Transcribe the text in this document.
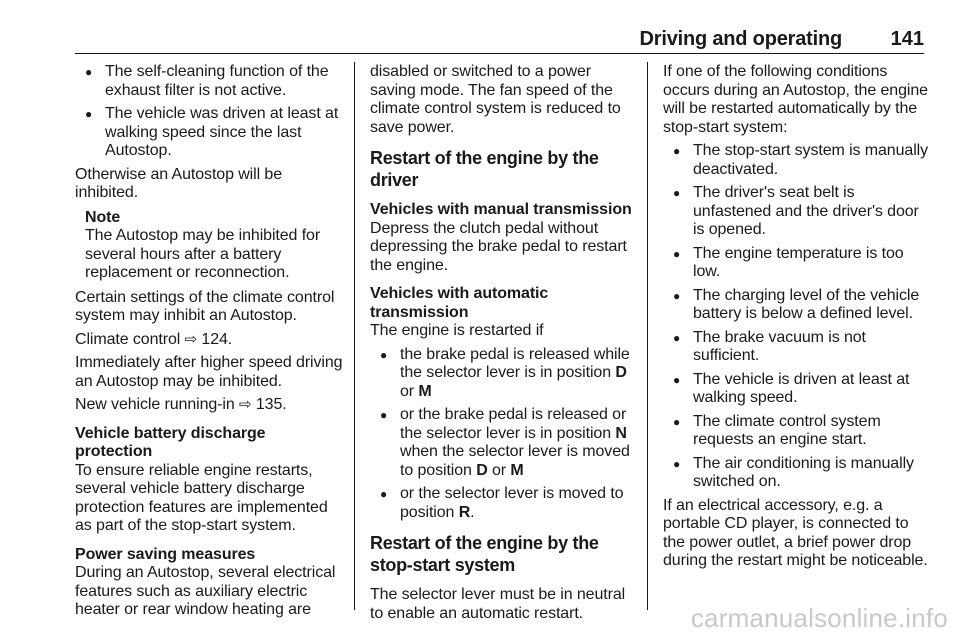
Driving and operating 141
● The self-cleaning function of the exhaust filter is not active.
● The vehicle was driven at least at walking speed since the last Autostop.

Otherwise an Autostop will be inhibited.

Note
The Autostop may be inhibited for several hours after a battery replacement or reconnection.

Certain settings of the climate control system may inhibit an Autostop.

Climate control ⇨ 124.

Immediately after higher speed driving an Autostop may be inhibited.

New vehicle running-in ⇨ 135.

Vehicle battery discharge protection

To ensure reliable engine restarts, several vehicle battery discharge protection features are implemented as part of the stop-start system.

Power saving measures

During an Autostop, several electrical features such as auxiliary electric heater or rear window heating are

disabled or switched to a power saving mode. The fan speed of the climate control system is reduced to save power.

Restart of the engine by the driver
Vehicles with manual transmission

Depress the clutch pedal without depressing the brake pedal to restart the engine.

Vehicles with automatic transmission

The engine is restarted if

● the brake pedal is released while the selector lever is in position D or M
● or the brake pedal is released or the selector lever is in position N when the selector lever is moved to position D or M
● or the selector lever is moved to position R.
Restart of the engine by the stop-start system

The selector lever must be in neutral to enable an automatic restart.

If one of the following conditions occurs during an Autostop, the engine will be restarted automatically by the stop-start system:

● The stop-start system is manually deactivated.
● The driver's seat belt is unfastened and the driver's door is opened.
● The engine temperature is too low.
● The charging level of the vehicle battery is below a defined level.
● The brake vacuum is not sufficient.
● The vehicle is driven at least at walking speed.
● The climate control system requests an engine start.
● The air conditioning is manually switched on.

If an electrical accessory, e.g. a portable CD player, is connected to the power outlet, a brief power drop during the restart might be noticeable.

carmanualsonline.info
